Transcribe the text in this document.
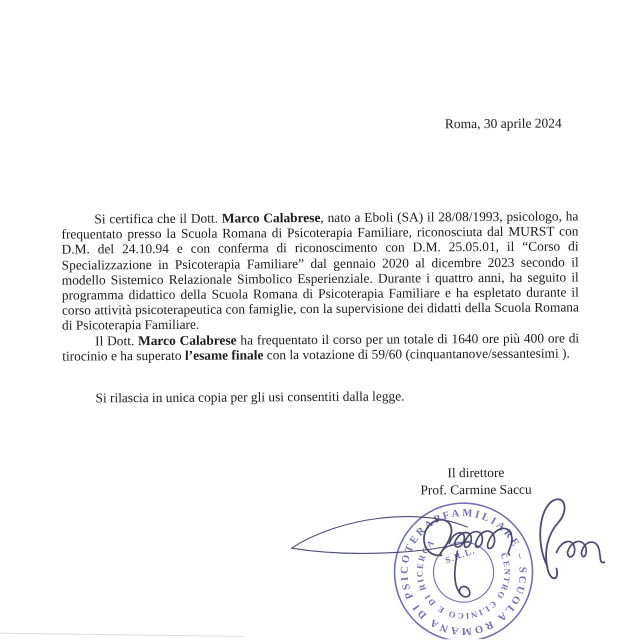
Roma, 30 aprile 2024

Si certifica che il Dott. Marco Calabrese, nato a Eboli (SA) il 28/08/1993, psicologo, ha frequentato presso la Scuola Romana di Psicoterapia Familiare, riconosciuta dal MURST con D.M. del 24.10.94 e con conferma di riconoscimento con D.M. 25.05.01, il “Corso di Specializzazione in Psicoterapia Familiare” dal gennaio 2020 al dicembre 2023 secondo il modello Sistemico Relazionale Simbolico Esperienziale. Durante i quattro anni, ha seguito il programma didattico della Scuola Romana di Psicoterapia Familiare e ha espletato durante il corso attività psicoterapeutica con famiglie, con la supervisione dei didatti della Scuola Romana di Psicoterapia Familiare.

Il Dott. Marco Calabrese ha frequentato il corso per un totale di 1640 ore più 400 ore di tirocinio e ha superato l’esame finale con la votazione di 59/60 (cinquantanove/sessantesimi ).

Si rilascia in unica copia per gli usi consentiti dalla legge.

Il direttore
Prof. Carmine Saccu
FAMILIARE – SCUOLA ROMANA DI PSICOTERAPIA
CENTRO CLINICO E DI RICERCA
S.R.L.
